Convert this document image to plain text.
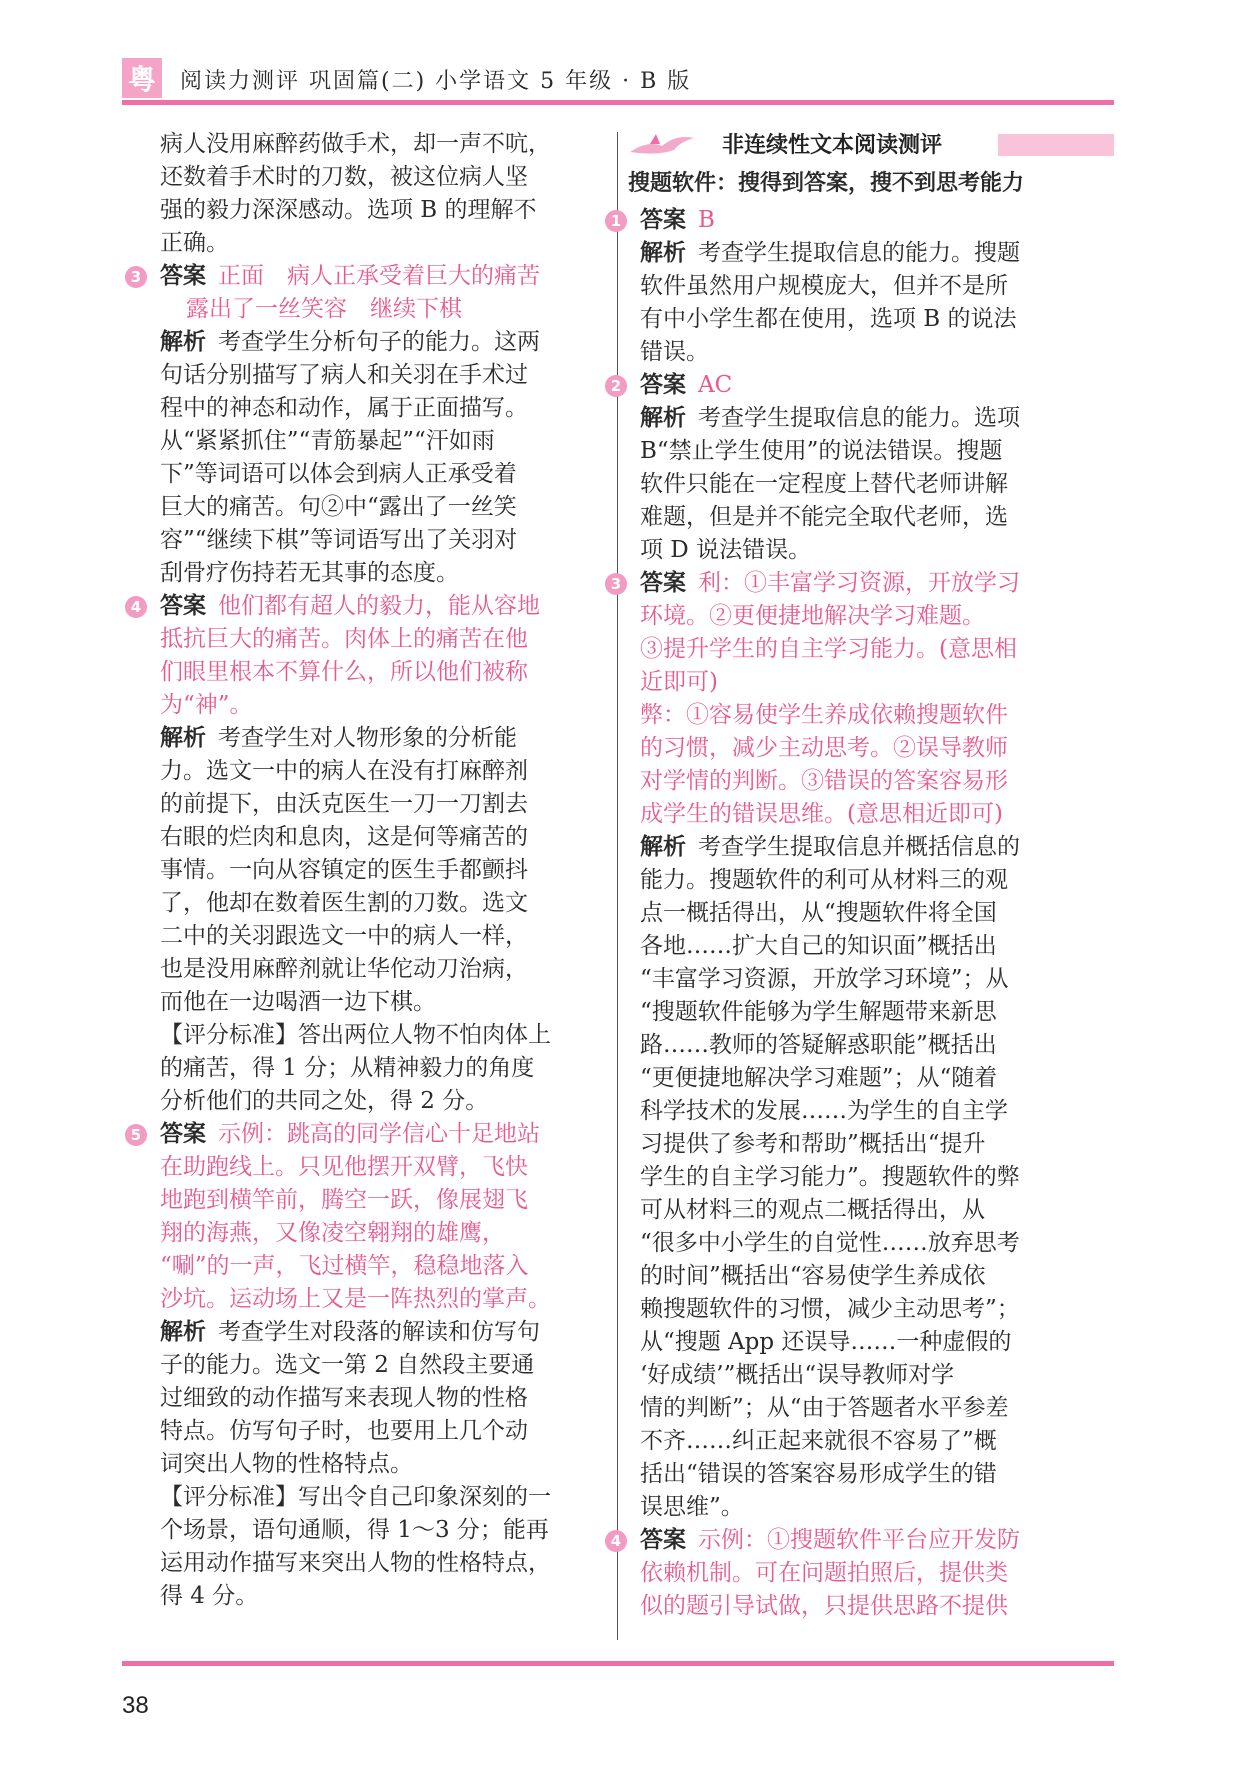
粤 阅读力测评 巩固篇(二) 小学语文 5 年级 · B 版
病人没用麻醉药做手术，却一声不吭，
还数着手术时的刀数，被这位病人坚
强的毅力深深感动。选项 B 的理解不
正确。
3 答案 正面　病人正承受着巨大的痛苦
露出了一丝笑容　继续下棋
解析 考查学生分析句子的能力。这两
句话分别描写了病人和关羽在手术过
程中的神态和动作，属于正面描写。
从“紧紧抓住”“青筋暴起”“汗如雨
下”等词语可以体会到病人正承受着
巨大的痛苦。句②中“露出了一丝笑
容”“继续下棋”等词语写出了关羽对
刮骨疗伤持若无其事的态度。
4 答案 他们都有超人的毅力，能从容地
抵抗巨大的痛苦。肉体上的痛苦在他
们眼里根本不算什么，所以他们被称
为“神”。
解析 考查学生对人物形象的分析能
力。选文一中的病人在没有打麻醉剂
的前提下，由沃克医生一刀一刀割去
右眼的烂肉和息肉，这是何等痛苦的
事情。一向从容镇定的医生手都颤抖
了，他却在数着医生割的刀数。选文
二中的关羽跟选文一中的病人一样，
也是没用麻醉剂就让华佗动刀治病，
而他在一边喝酒一边下棋。
【评分标准】答出两位人物不怕肉体上
的痛苦，得 1 分；从精神毅力的角度
分析他们的共同之处，得 2 分。
5 答案 示例：跳高的同学信心十足地站
在助跑线上。只见他摆开双臂，飞快
地跑到横竿前，腾空一跃，像展翅飞
翔的海燕，又像凌空翱翔的雄鹰，
“唰”的一声，飞过横竿，稳稳地落入
沙坑。运动场上又是一阵热烈的掌声。
解析 考查学生对段落的解读和仿写句
子的能力。选文一第 2 自然段主要通
过细致的动作描写来表现人物的性格
特点。仿写句子时，也要用上几个动
词突出人物的性格特点。
【评分标准】写出令自己印象深刻的一
个场景，语句通顺，得 1～3 分；能再
运用动作描写来突出人物的性格特点，
得 4 分。
非连续性文本阅读测评
搜题软件：搜得到答案，搜不到思考能力
1 答案 B
解析 考查学生提取信息的能力。搜题
软件虽然用户规模庞大，但并不是所
有中小学生都在使用，选项 B 的说法
错误。
2 答案 AC
解析 考查学生提取信息的能力。选项
B“禁止学生使用”的说法错误。搜题
软件只能在一定程度上替代老师讲解
难题，但是并不能完全取代老师，选
项 D 说法错误。
3 答案 利：①丰富学习资源，开放学习
环境。②更便捷地解决学习难题。
③提升学生的自主学习能力。(意思相
近即可)
弊：①容易使学生养成依赖搜题软件
的习惯，减少主动思考。②误导教师
对学情的判断。③错误的答案容易形
成学生的错误思维。(意思相近即可)
解析 考查学生提取信息并概括信息的
能力。搜题软件的利可从材料三的观
点一概括得出，从“搜题软件将全国
各地……扩大自己的知识面”概括出
“丰富学习资源，开放学习环境”；从
“搜题软件能够为学生解题带来新思
路……教师的答疑解惑职能”概括出
“更便捷地解决学习难题”；从“随着
科学技术的发展……为学生的自主学
习提供了参考和帮助”概括出“提升
学生的自主学习能力”。搜题软件的弊
可从材料三的观点二概括得出，从
“很多中小学生的自觉性……放弃思考
的时间”概括出“容易使学生养成依
赖搜题软件的习惯，减少主动思考”；
从“搜题 App 还误导……一种虚假的
‘好成绩’”概括出“误导教师对学
情的判断”；从“由于答题者水平参差
不齐……纠正起来就很不容易了”概
括出“错误的答案容易形成学生的错
误思维”。
4 答案 示例：①搜题软件平台应开发防
依赖机制。可在问题拍照后，提供类
似的题引导试做，只提供思路不提供
38
